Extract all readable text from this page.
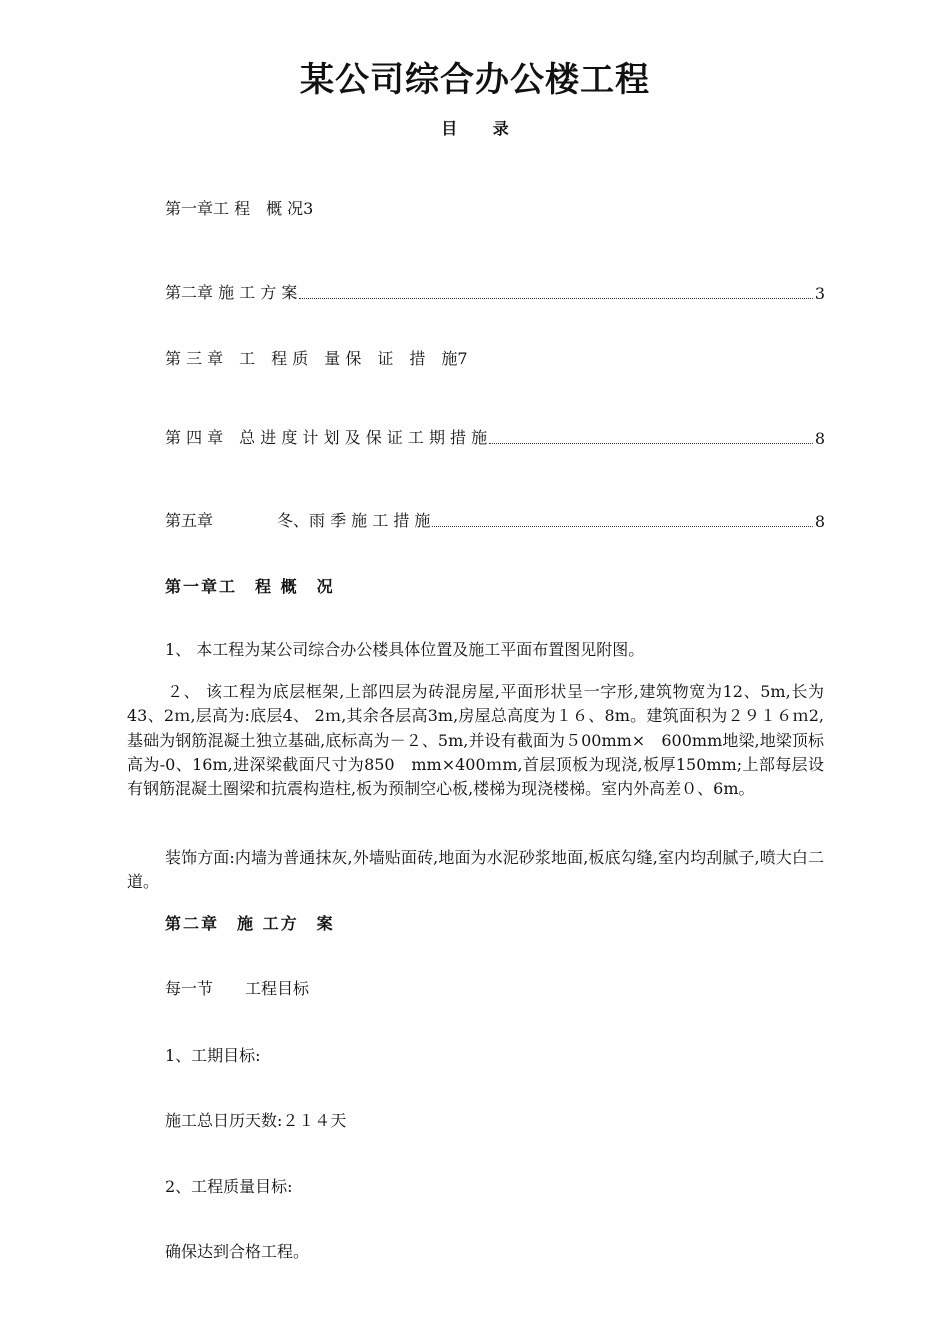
某公司综合办公楼工程
目 录
第一章工 程　概 况3
第二章 施 工 方 案	3
第 三 章　工　程 质　量 保　证　措　施7
第 四 章　总 进 度 计 划 及 保 证 工 期 措 施	8
第五章　　　　冬、雨 季 施 工 措 施	8
第一章工　程 概　况

1、 本工程为某公司综合办公楼具体位置及施工平面布置图见附图。

２、 该工程为底层框架,上部四层为砖混房屋,平面形状呈一字形,建筑物宽为12、5m,长为43、2ｍ,层高为:底层4、 2ｍ,其余各层高3m,房屋总高度为１６、8m。建筑面积为２９１６ｍ2,基础为钢筋混凝土独立基础,底标高为－２、5m,并设有截面为５00mm×　600mm地梁,地梁顶标高为-0、16m,进深梁截面尺寸为850　mm×400ｍm,首层顶板为现浇,板厚150mm;上部每层设有钢筋混凝土圈梁和抗震构造柱,板为预制空心板,楼梯为现浇楼梯。室内外高差０、6m。

装饰方面:内墙为普通抹灰,外墙贴面砖,地面为水泥砂浆地面,板底勾缝,室内均刮腻子,喷大白二道。

第二章　施 工方　案

每一节　　工程目标

1、工期目标:

施工总日历天数:２１４天

2、工程质量目标:

确保达到合格工程。
